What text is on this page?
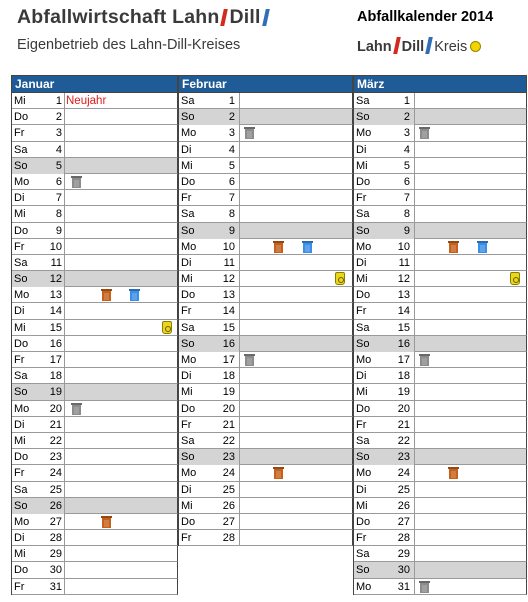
Abfallwirtschaft Lahn Dill
Eigenbetrieb des Lahn-Dill-Kreises
Abfallkalender 2014
Lahn Dill Kreis
Januar
Mi	1 Neujahr
Do	2
Fr	3
Sa	4
So	5
Mo	6
Di	7
Mi	8
Do	9
Fr	10
Sa	11
So	12
Mo	13
Di	14
Mi	15
Do	16
Fr	17
Sa	18
So	19
Mo	20
Di	21
Mi	22
Do	23
Fr	24
Sa	25
So	26
Mo	27
Di	28
Mi	29
Do	30
Fr	31
Februar
Sa	1
So	2
Mo	3
Di	4
Mi	5
Do	6
Fr	7
Sa	8
So	9
Mo	10
Di	11
Mi	12
Do	13
Fr	14
Sa	15
So	16
Mo	17
Di	18
Mi	19
Do	20
Fr	21
Sa	22
So	23
Mo	24
Di	25
Mi	26
Do	27
Fr	28
März
Sa	1
So	2
Mo	3
Di	4
Mi	5
Do	6
Fr	7
Sa	8
So	9
Mo	10
Di	11
Mi	12
Do	13
Fr	14
Sa	15
So	16
Mo	17
Di	18
Mi	19
Do	20
Fr	21
Sa	22
So	23
Mo	24
Di	25
Mi	26
Do	27
Fr	28
Sa	29
So	30
Mo	31
